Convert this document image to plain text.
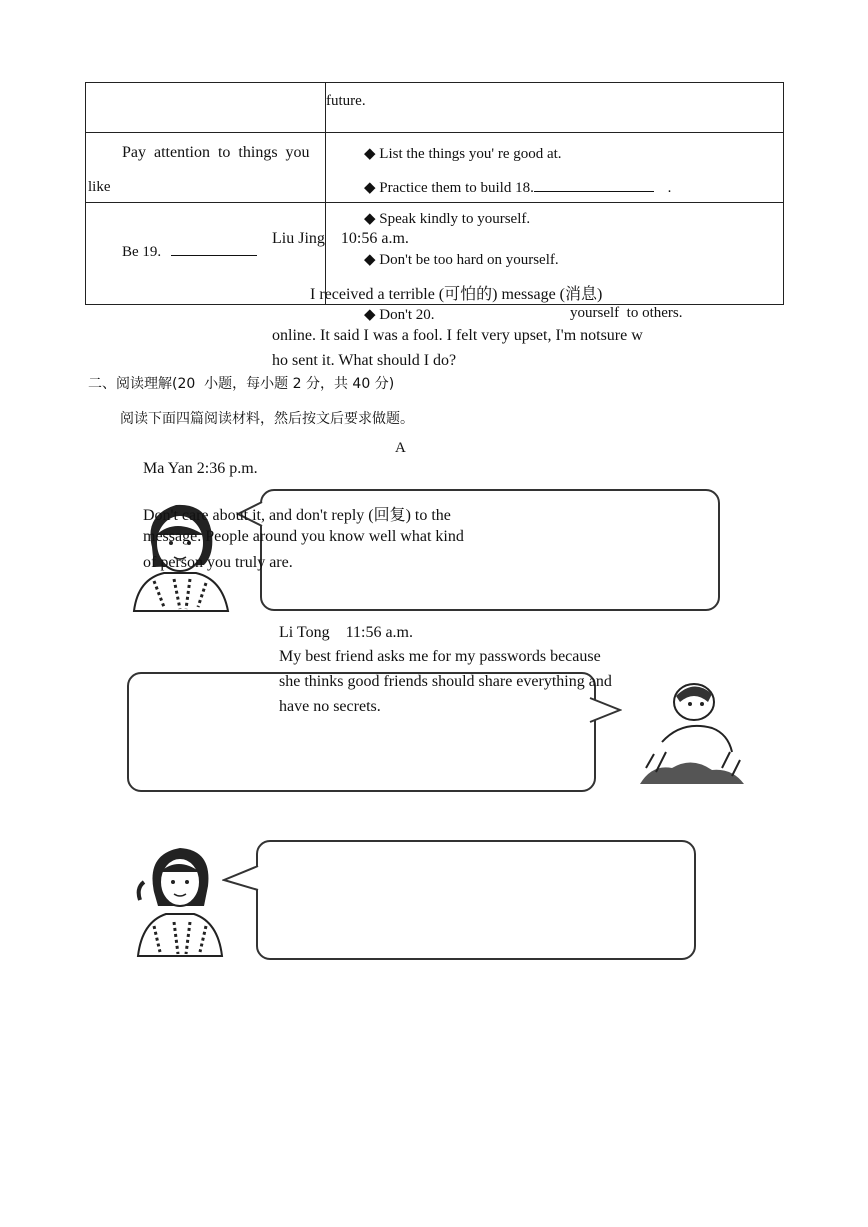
future.
Pay  attention  to  things  you
like
◆ List the things you' re good at.
◆ Practice them to build 18.	.
Be 19.
◆ Speak kindly to yourself.
◆ Don't be too hard on yourself.
◆ Don't 20.	yourself  to others.
Liu Jing    10:56 a.m.
I received a terrible (可怕的) message (消息)
online. It said I was a fool. I felt very upset, I'm notsure w
ho sent it. What should I do?
二、阅读理解(20  小题，每小题 2 分，共 40 分)
阅读下面四篇阅读材料，然后按文后要求做题。
A
Ma Yan 2:36 p.m.
Don't care about it, and don't reply (回复) to the
message. People around you know well what kind
of person you truly are.
Li Tong    11:56 a.m.
My best friend asks me for my passwords because
she thinks good friends should share everything and
have no secrets.
